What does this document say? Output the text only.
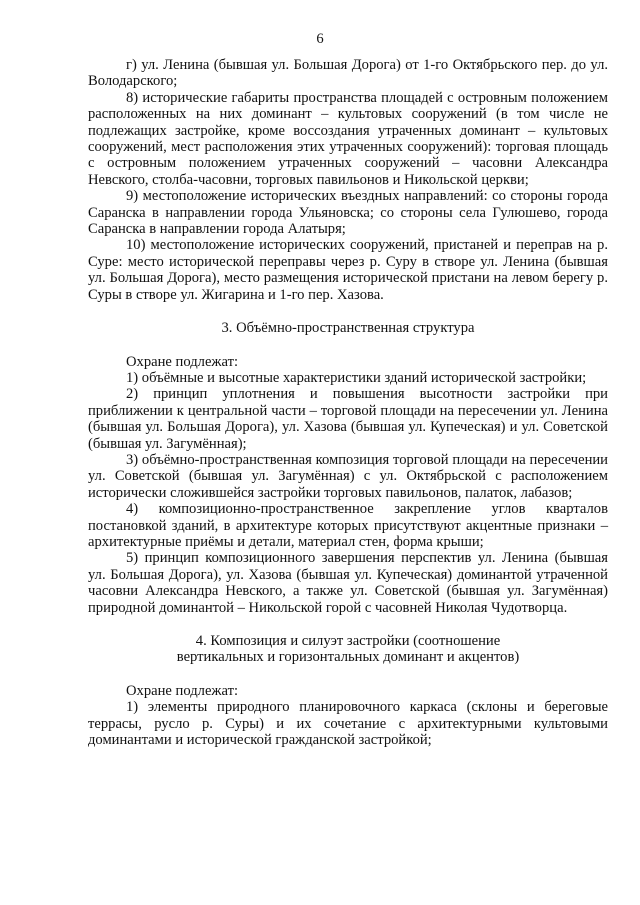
6

г) ул. Ленина (бывшая ул. Большая Дорога) от 1-го Октябрьского пер. до ул. Володарского;

8) исторические габариты пространства площадей с островным положением расположенных на них доминант – культовых сооружений (в том числе не подлежащих застройке, кроме воссоздания утраченных доминант – культовых сооружений, мест расположения этих утраченных сооружений): торговая площадь с островным положением утраченных сооружений – часовни Александра Невского, столба-часовни, торговых павильонов и Никольской церкви;

9) местоположение исторических въездных направлений: со стороны города Саранска в направлении города Ульяновска; со стороны села Гулюшево, города Саранска в направлении города Алатыря;

10) местоположение исторических сооружений, пристаней и переправ на р. Суре: место исторической переправы через р. Суру в створе ул. Ленина (бывшая ул. Большая Дорога), место размещения исторической пристани на левом берегу р. Суры в створе ул. Жигарина и 1-го пер. Хазова.

3. Объёмно-пространственная структура

Охране подлежат:

1) объёмные и высотные характеристики зданий исторической застройки;

2) принцип уплотнения и повышения высотности застройки при приближении к центральной части – торговой площади на пересечении ул. Ленина (бывшая ул. Большая Дорога), ул. Хазова (бывшая ул. Купеческая) и ул. Советской (бывшая ул. Загумённая);

3) объёмно-пространственная композиция торговой площади на пересечении ул. Советской (бывшая ул. Загумённая) с ул. Октябрьской с расположением исторически сложившейся застройки торговых павильонов, палаток, лабазов;

4) композиционно-пространственное закрепление углов кварталов постановкой зданий, в архитектуре которых присутствуют акцентные признаки – архитектурные приёмы и детали, материал стен, форма крыши;

5) принцип композиционного завершения перспектив ул. Ленина (бывшая ул. Большая Дорога), ул. Хазова (бывшая ул. Купеческая) доминантой утраченной часовни Александра Невского, а также ул. Советской (бывшая ул. Загумённая) природной доминантой – Никольской горой с часовней Николая Чудотворца.

4. Композиция и силуэт застройки (соотношение

вертикальных и горизонтальных доминант и акцентов)

Охране подлежат:

1) элементы природного планировочного каркаса (склоны и береговые террасы, русло р. Суры) и их сочетание с архитектурными культовыми доминантами и исторической гражданской застройкой;
